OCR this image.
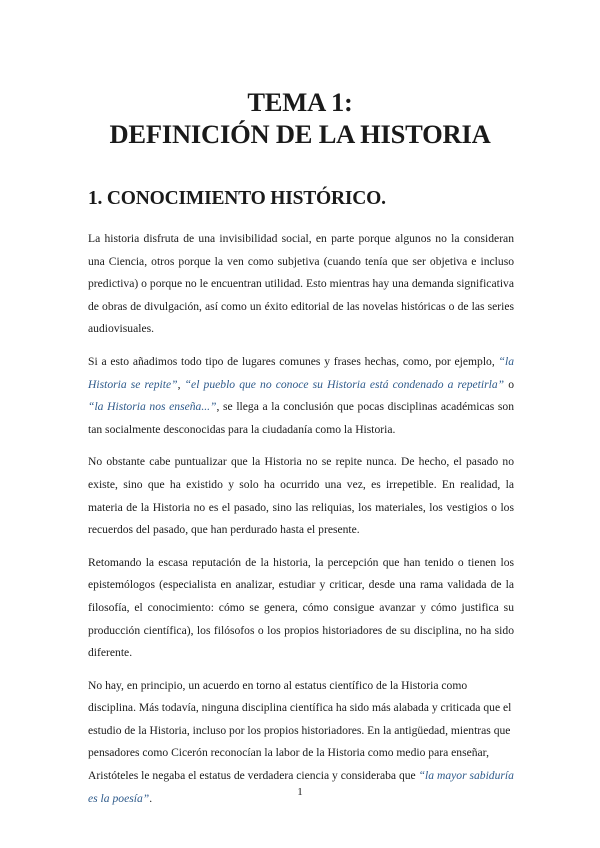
TEMA 1:
DEFINICIÓN DE LA HISTORIA
1. CONOCIMIENTO HISTÓRICO.

La historia disfruta de una invisibilidad social, en parte porque algunos no la consideran una Ciencia, otros porque la ven como subjetiva (cuando tenía que ser objetiva e incluso predictiva) o porque no le encuentran utilidad. Esto mientras hay una demanda significativa de obras de divulgación, así como un éxito editorial de las novelas históricas o de las series audiovisuales.

Si a esto añadimos todo tipo de lugares comunes y frases hechas, como, por ejemplo, “la Historia se repite”, “el pueblo que no conoce su Historia está condenado a repetirla” o “la Historia nos enseña...”, se llega a la conclusión que pocas disciplinas académicas son tan socialmente desconocidas para la ciudadanía como la Historia.

No obstante cabe puntualizar que la Historia no se repite nunca. De hecho, el pasado no existe, sino que ha existido y solo ha ocurrido una vez, es irrepetible. En realidad, la materia de la Historia no es el pasado, sino las reliquias, los materiales, los vestigios o los recuerdos del pasado, que han perdurado hasta el presente.

Retomando la escasa reputación de la historia, la percepción que han tenido o tienen los epistemólogos (especialista en analizar, estudiar y criticar, desde una rama validada de la filosofía, el conocimiento: cómo se genera, cómo consigue avanzar y cómo justifica su producción científica), los filósofos o los propios historiadores de su disciplina, no ha sido diferente.

No hay, en principio, un acuerdo en torno al estatus científico de la Historia como disciplina. Más todavía, ninguna disciplina científica ha sido más alabada y criticada que el estudio de la Historia, incluso por los propios historiadores. En la antigüedad, mientras que pensadores como Cicerón reconocían la labor de la Historia como medio para enseñar, Aristóteles le negaba el estatus de verdadera ciencia y consideraba que “la mayor sabiduría es la poesía”.	1
